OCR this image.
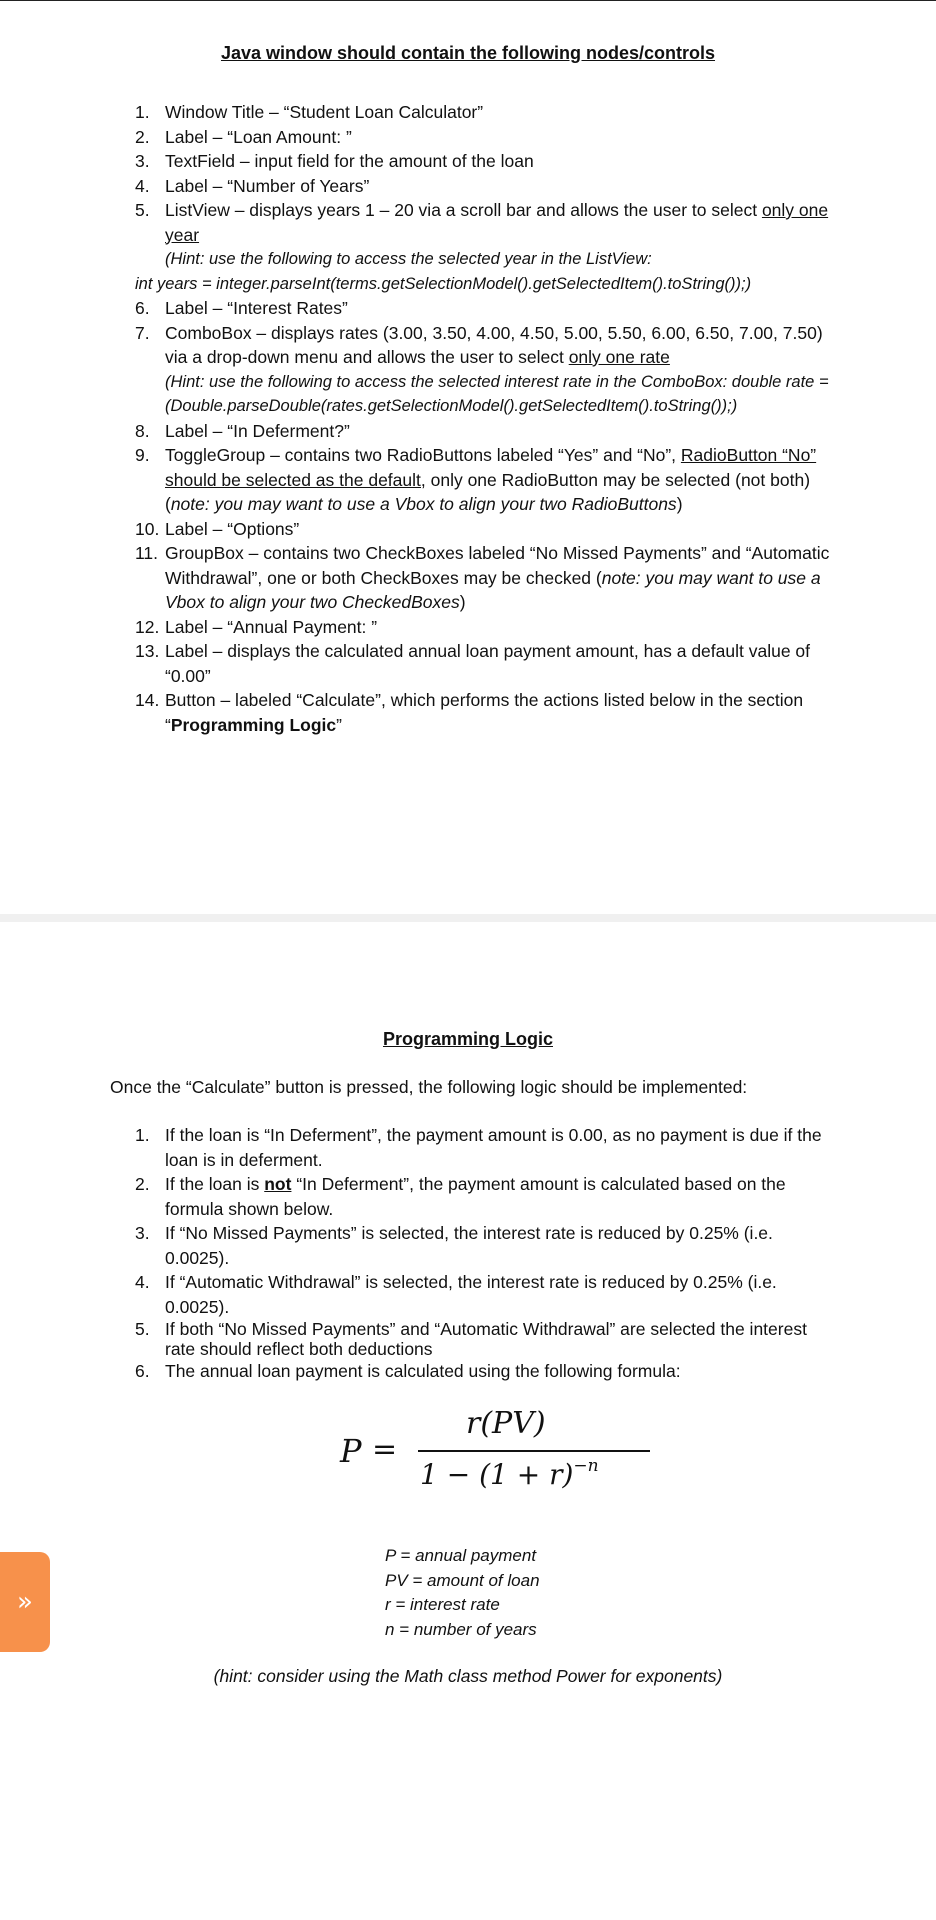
Java window should contain the following nodes/controls
1. Window Title – “Student Loan Calculator”
2. Label – “Loan Amount: ”
3. TextField – input field for the amount of the loan
4. Label – “Number of Years”
5. ListView – displays years 1 – 20 via a scroll bar and allows the user to select only one year
(Hint: use the following to access the selected year in the ListView:
int years = integer.parseInt(terms.getSelectionModel().getSelectedItem().toString());)
6. Label – “Interest Rates”
7. ComboBox – displays rates (3.00, 3.50, 4.00, 4.50, 5.00, 5.50, 6.00, 6.50, 7.00, 7.50) via a drop-down menu and allows the user to select only one rate
(Hint: use the following to access the selected interest rate in the ComboBox: double rate = (Double.parseDouble(rates.getSelectionModel().getSelectedItem().toString());)
8. Label – “In Deferment?”
9. ToggleGroup – contains two RadioButtons labeled “Yes” and “No”, RadioButton “No” should be selected as the default, only one RadioButton may be selected (not both) (note: you may want to use a Vbox to align your two RadioButtons)
10. Label – “Options”
11. GroupBox – contains two CheckBoxes labeled “No Missed Payments” and “Automatic Withdrawal”, one or both CheckBoxes may be checked (note: you may want to use a Vbox to align your two CheckedBoxes)
12. Label – “Annual Payment: ”
13. Label – displays the calculated annual loan payment amount, has a default value of “0.00”
14. Button – labeled “Calculate”, which performs the actions listed below in the section “Programming Logic”
Programming Logic
Once the “Calculate” button is pressed, the following logic should be implemented:
1. If the loan is “In Deferment”, the payment amount is 0.00, as no payment is due if the loan is in deferment.
2. If the loan is not “In Deferment”, the payment amount is calculated based on the formula shown below.
3. If “No Missed Payments” is selected, the interest rate is reduced by 0.25% (i.e. 0.0025).
4. If “Automatic Withdrawal” is selected, the interest rate is reduced by 0.25% (i.e. 0.0025).
5. If both “No Missed Payments” and “Automatic Withdrawal” are selected the interest rate should reflect both deductions
6. The annual loan payment is calculated using the following formula:
P =
r(PV)
$1 - (1 + r)^{-n}$
P = annual payment
PV = amount of loan
r = interest rate
n = number of years
(hint: consider using the Math class method Power for exponents)
»
